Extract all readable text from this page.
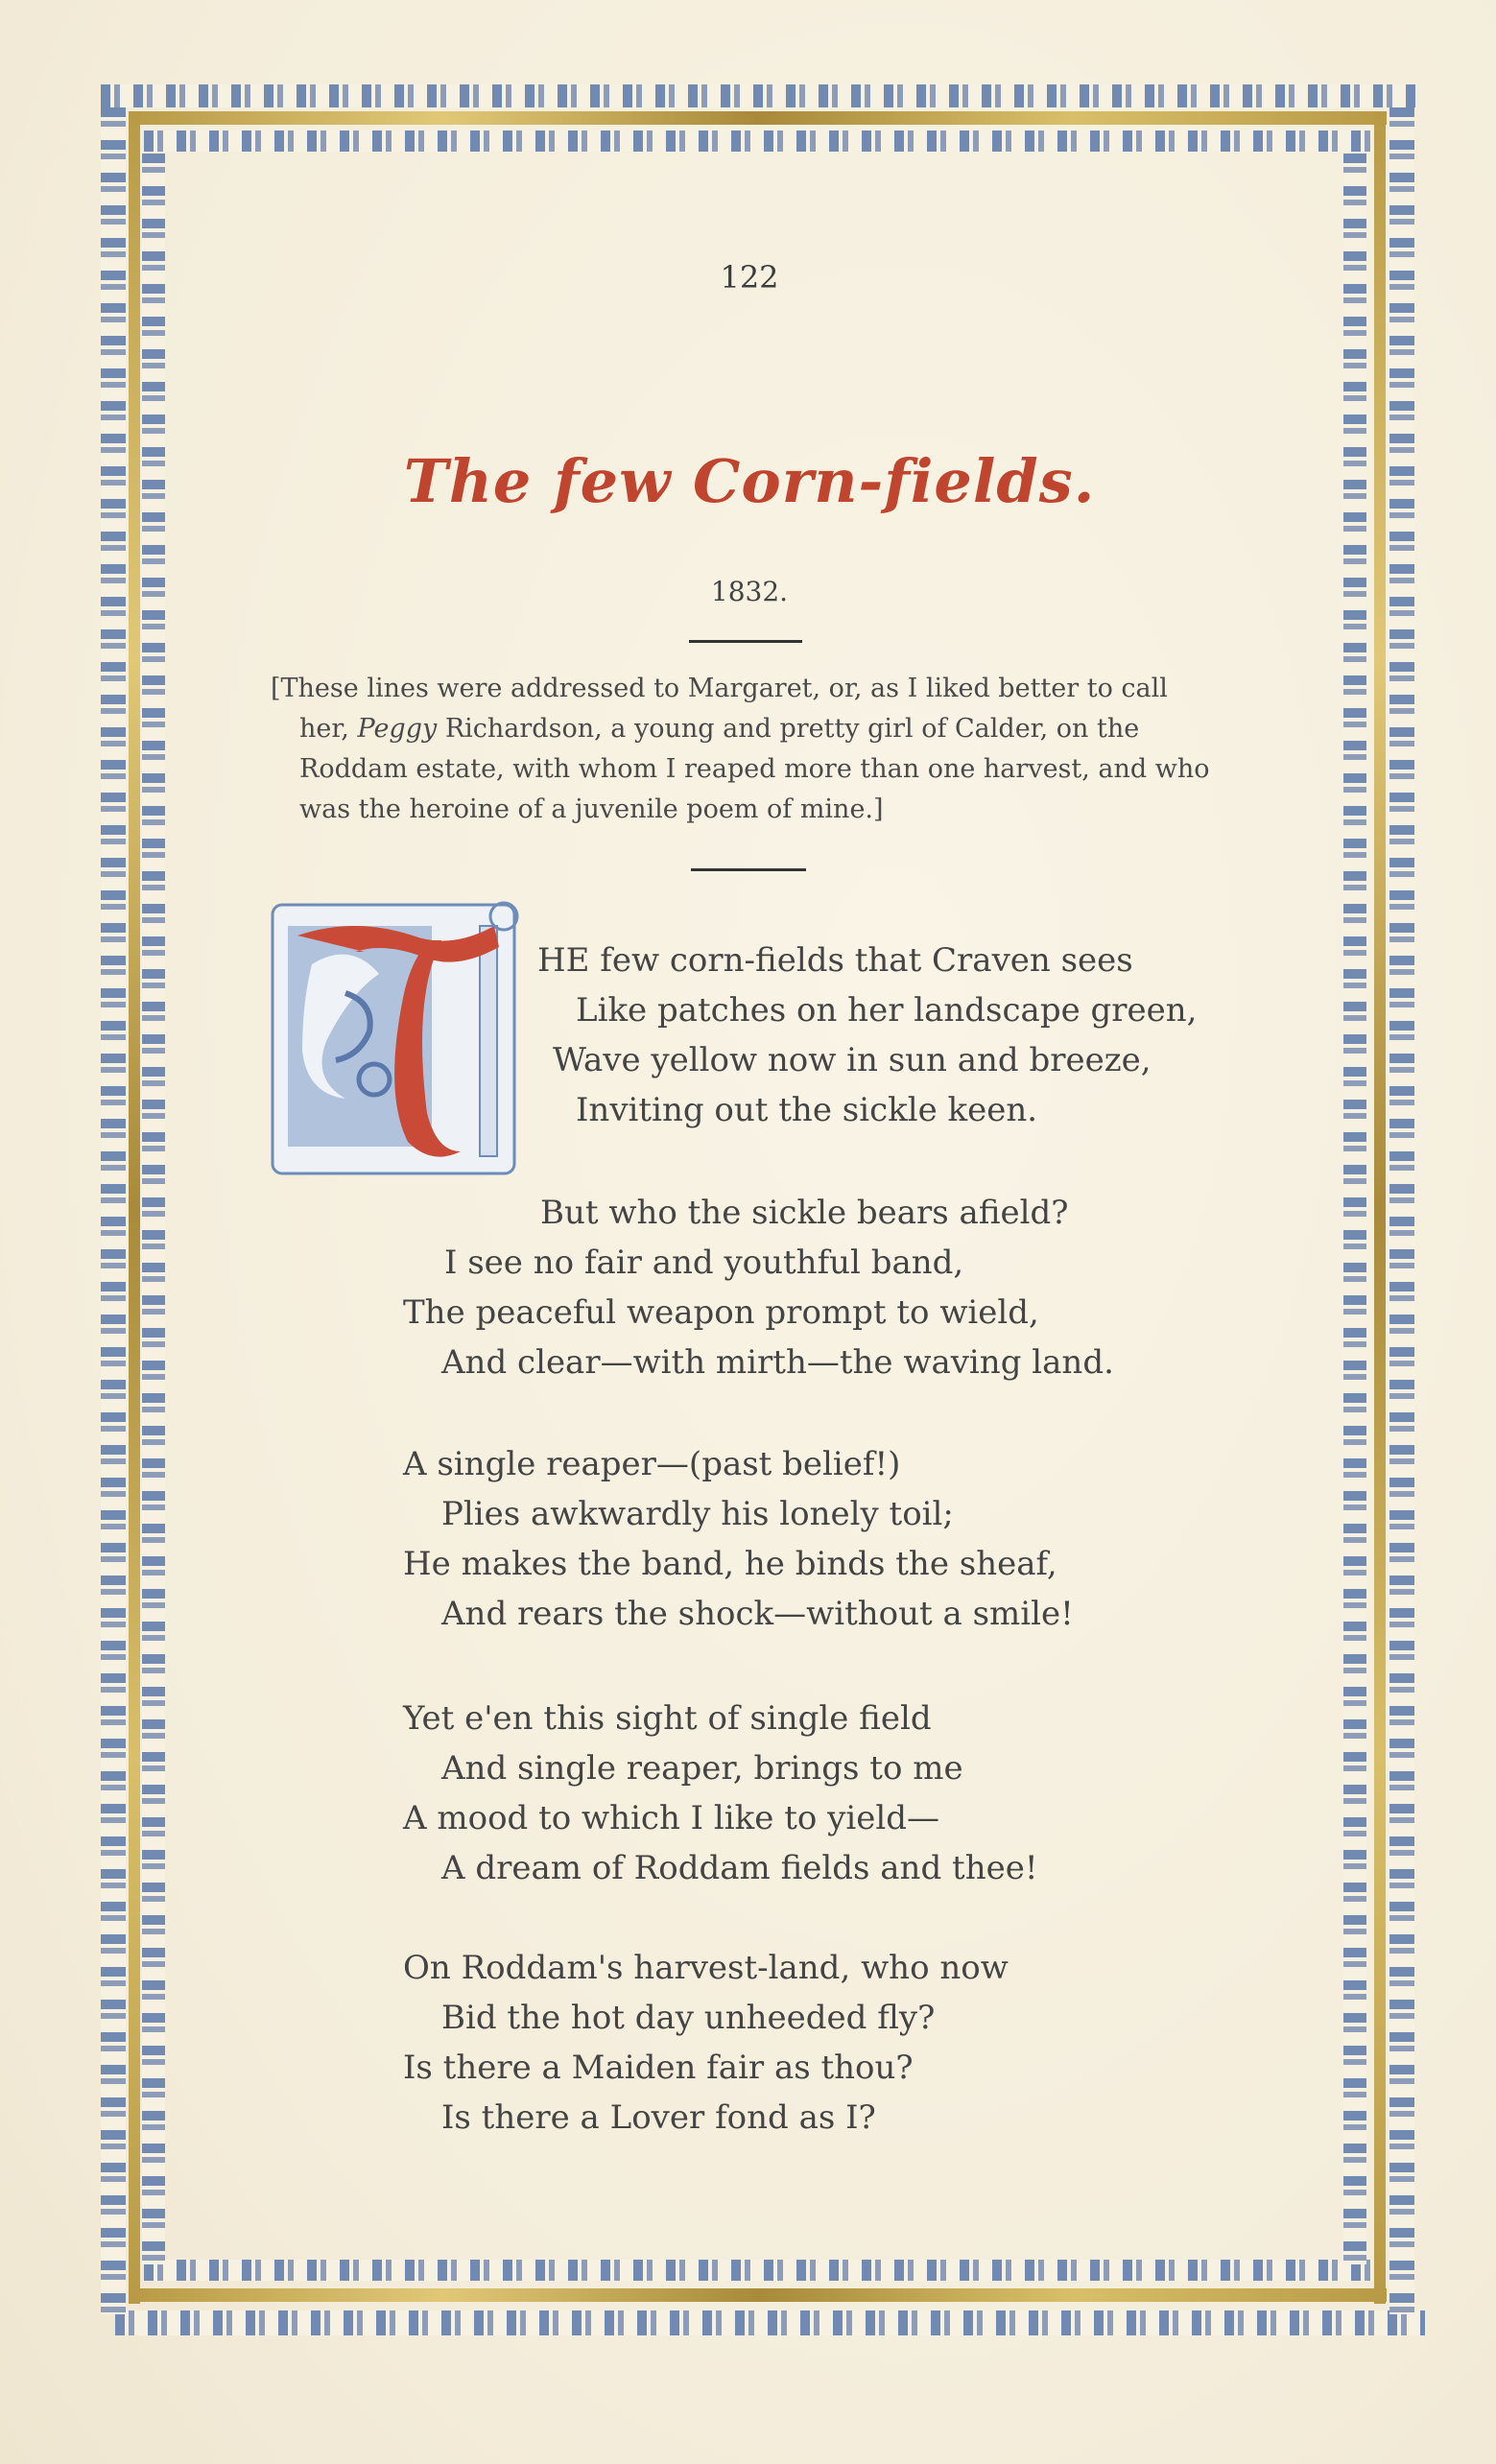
122
The few Corn-fields.
1832.

[These lines were addressed to Margaret, or, as I liked better to call

her, Peggy Richardson, a young and pretty girl of Calder, on the

Roddam estate, with whom I reaped more than one harvest, and who

was the heroine of a juvenile poem of mine.]

HE few corn-fields that Craven sees
Like patches on her landscape green,
Wave yellow now in sun and breeze,
Inviting out the sickle keen.
But who the sickle bears afield?
I see no fair and youthful band,
The peaceful weapon prompt to wield,
And clear—with mirth—the waving land.
A single reaper—(past belief!)
Plies awkwardly his lonely toil;
He makes the band, he binds the sheaf,
And rears the shock—without a smile!
Yet e'en this sight of single field
And single reaper, brings to me
A mood to which I like to yield—
A dream of Roddam fields and thee!
On Roddam's harvest-land, who now
Bid the hot day unheeded fly?
Is there a Maiden fair as thou?
Is there a Lover fond as I?
